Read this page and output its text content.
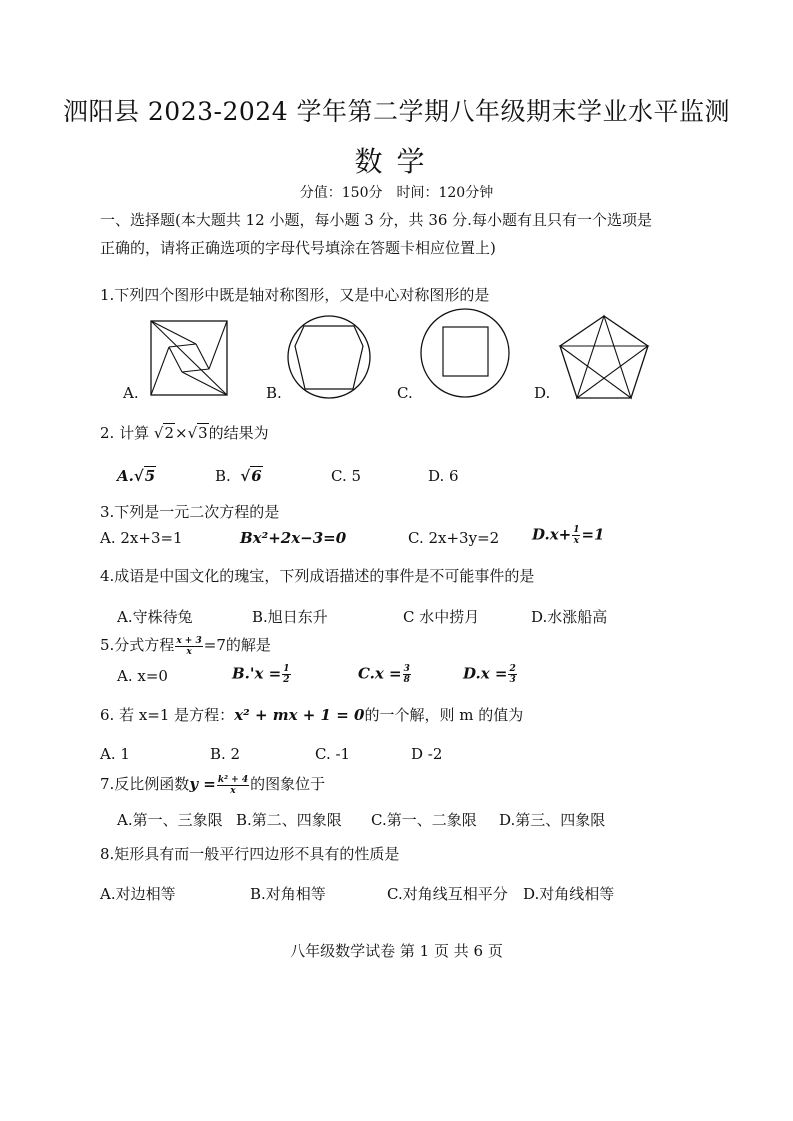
泗阳县 2023-2024 学年第二学期八年级期末学业水平监测
数学
分值：150分　时间：120分钟
一、选择题(本大题共 12 小题，每小题 3 分，共 36 分.每小题有且只有一个选项是
正确的，请将正确选项的字母代号填涂在答题卡相应位置上)
1.下列四个图形中既是轴对称图形，又是中心对称图形的是
A.	B.	C.	D.
2. 计算 √2×√3的结果为
A.√5	B. √6	C. 5	D. 6
3.下列是一元二次方程的是
A. 2x+3=1	Bx²+2x−3=0	C. 2x+3y=2 $D.x+ \frac{1}{x} =1$
4.成语是中国文化的瑰宝，下列成语描述的事件是不可能事件的是
A.守株待兔	B.旭日东升	C 水中捞月	D.水涨船高
5.分式方程 $\frac{x + 3}{x} =7$的解是
A. x=0	$B.'x = \frac{1}{2}$	$C.x = \frac{3}{8}$	$D.x = \frac{2}{3}$
6. 若 x=1 是方程：x² + mx + 1 = 0的一个解，则 m 的值为
A. 1	B. 2	C. -1	D -2
7.反比例函数$y = \frac{\text{k² + 4}}{x}$ 的图象位于
A.第一、三象限 B.第二、四象限 C.第一、二象限 D.第三、四象限
8.矩形具有而一般平行四边形不具有的性质是
A.对边相等	B.对角相等	C.对角线互相平分 D.对角线相等
八年级数学试卷 第 1 页 共 6 页
